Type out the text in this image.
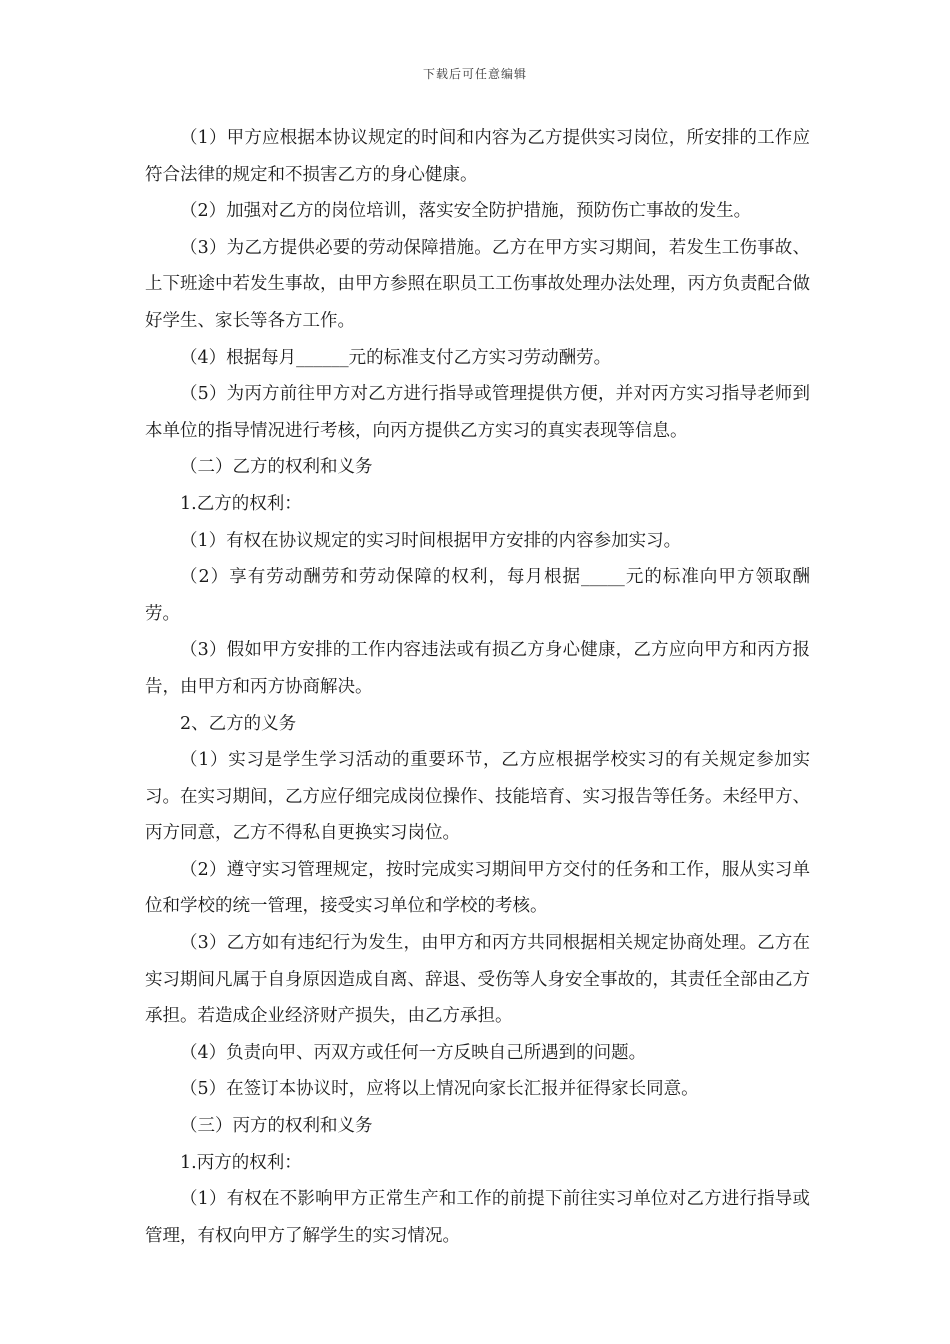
下载后可任意编辑

（1）甲方应根据本协议规定的时间和内容为乙方提供实习岗位，所安排的工作应符合法律的规定和不损害乙方的身心健康。

（2）加强对乙方的岗位培训，落实安全防护措施，预防伤亡事故的发生。

（3）为乙方提供必要的劳动保障措施。乙方在甲方实习期间，若发生工伤事故、上下班途中若发生事故，由甲方参照在职员工工伤事故处理办法处理，丙方负责配合做好学生、家长等各方工作。

（4）根据每月______元的标准支付乙方实习劳动酬劳。

（5）为丙方前往甲方对乙方进行指导或管理提供方便，并对丙方实习指导老师到本单位的指导情况进行考核，向丙方提供乙方实习的真实表现等信息。

（二）乙方的权利和义务

1.乙方的权利：

（1）有权在协议规定的实习时间根据甲方安排的内容参加实习。

（2）享有劳动酬劳和劳动保障的权利，每月根据_____元的标准向甲方领取酬劳。

（3）假如甲方安排的工作内容违法或有损乙方身心健康，乙方应向甲方和丙方报告，由甲方和丙方协商解决。

2、乙方的义务

（1）实习是学生学习活动的重要环节，乙方应根据学校实习的有关规定参加实习。在实习期间，乙方应仔细完成岗位操作、技能培育、实习报告等任务。未经甲方、丙方同意，乙方不得私自更换实习岗位。

（2）遵守实习管理规定，按时完成实习期间甲方交付的任务和工作，服从实习单位和学校的统一管理，接受实习单位和学校的考核。

（3）乙方如有违纪行为发生，由甲方和丙方共同根据相关规定协商处理。乙方在实习期间凡属于自身原因造成自离、辞退、受伤等人身安全事故的，其责任全部由乙方承担。若造成企业经济财产损失，由乙方承担。

（4）负责向甲、丙双方或任何一方反映自己所遇到的问题。

（5）在签订本协议时，应将以上情况向家长汇报并征得家长同意。

（三）丙方的权利和义务

1.丙方的权利：

（1）有权在不影响甲方正常生产和工作的前提下前往实习单位对乙方进行指导或管理，有权向甲方了解学生的实习情况。
